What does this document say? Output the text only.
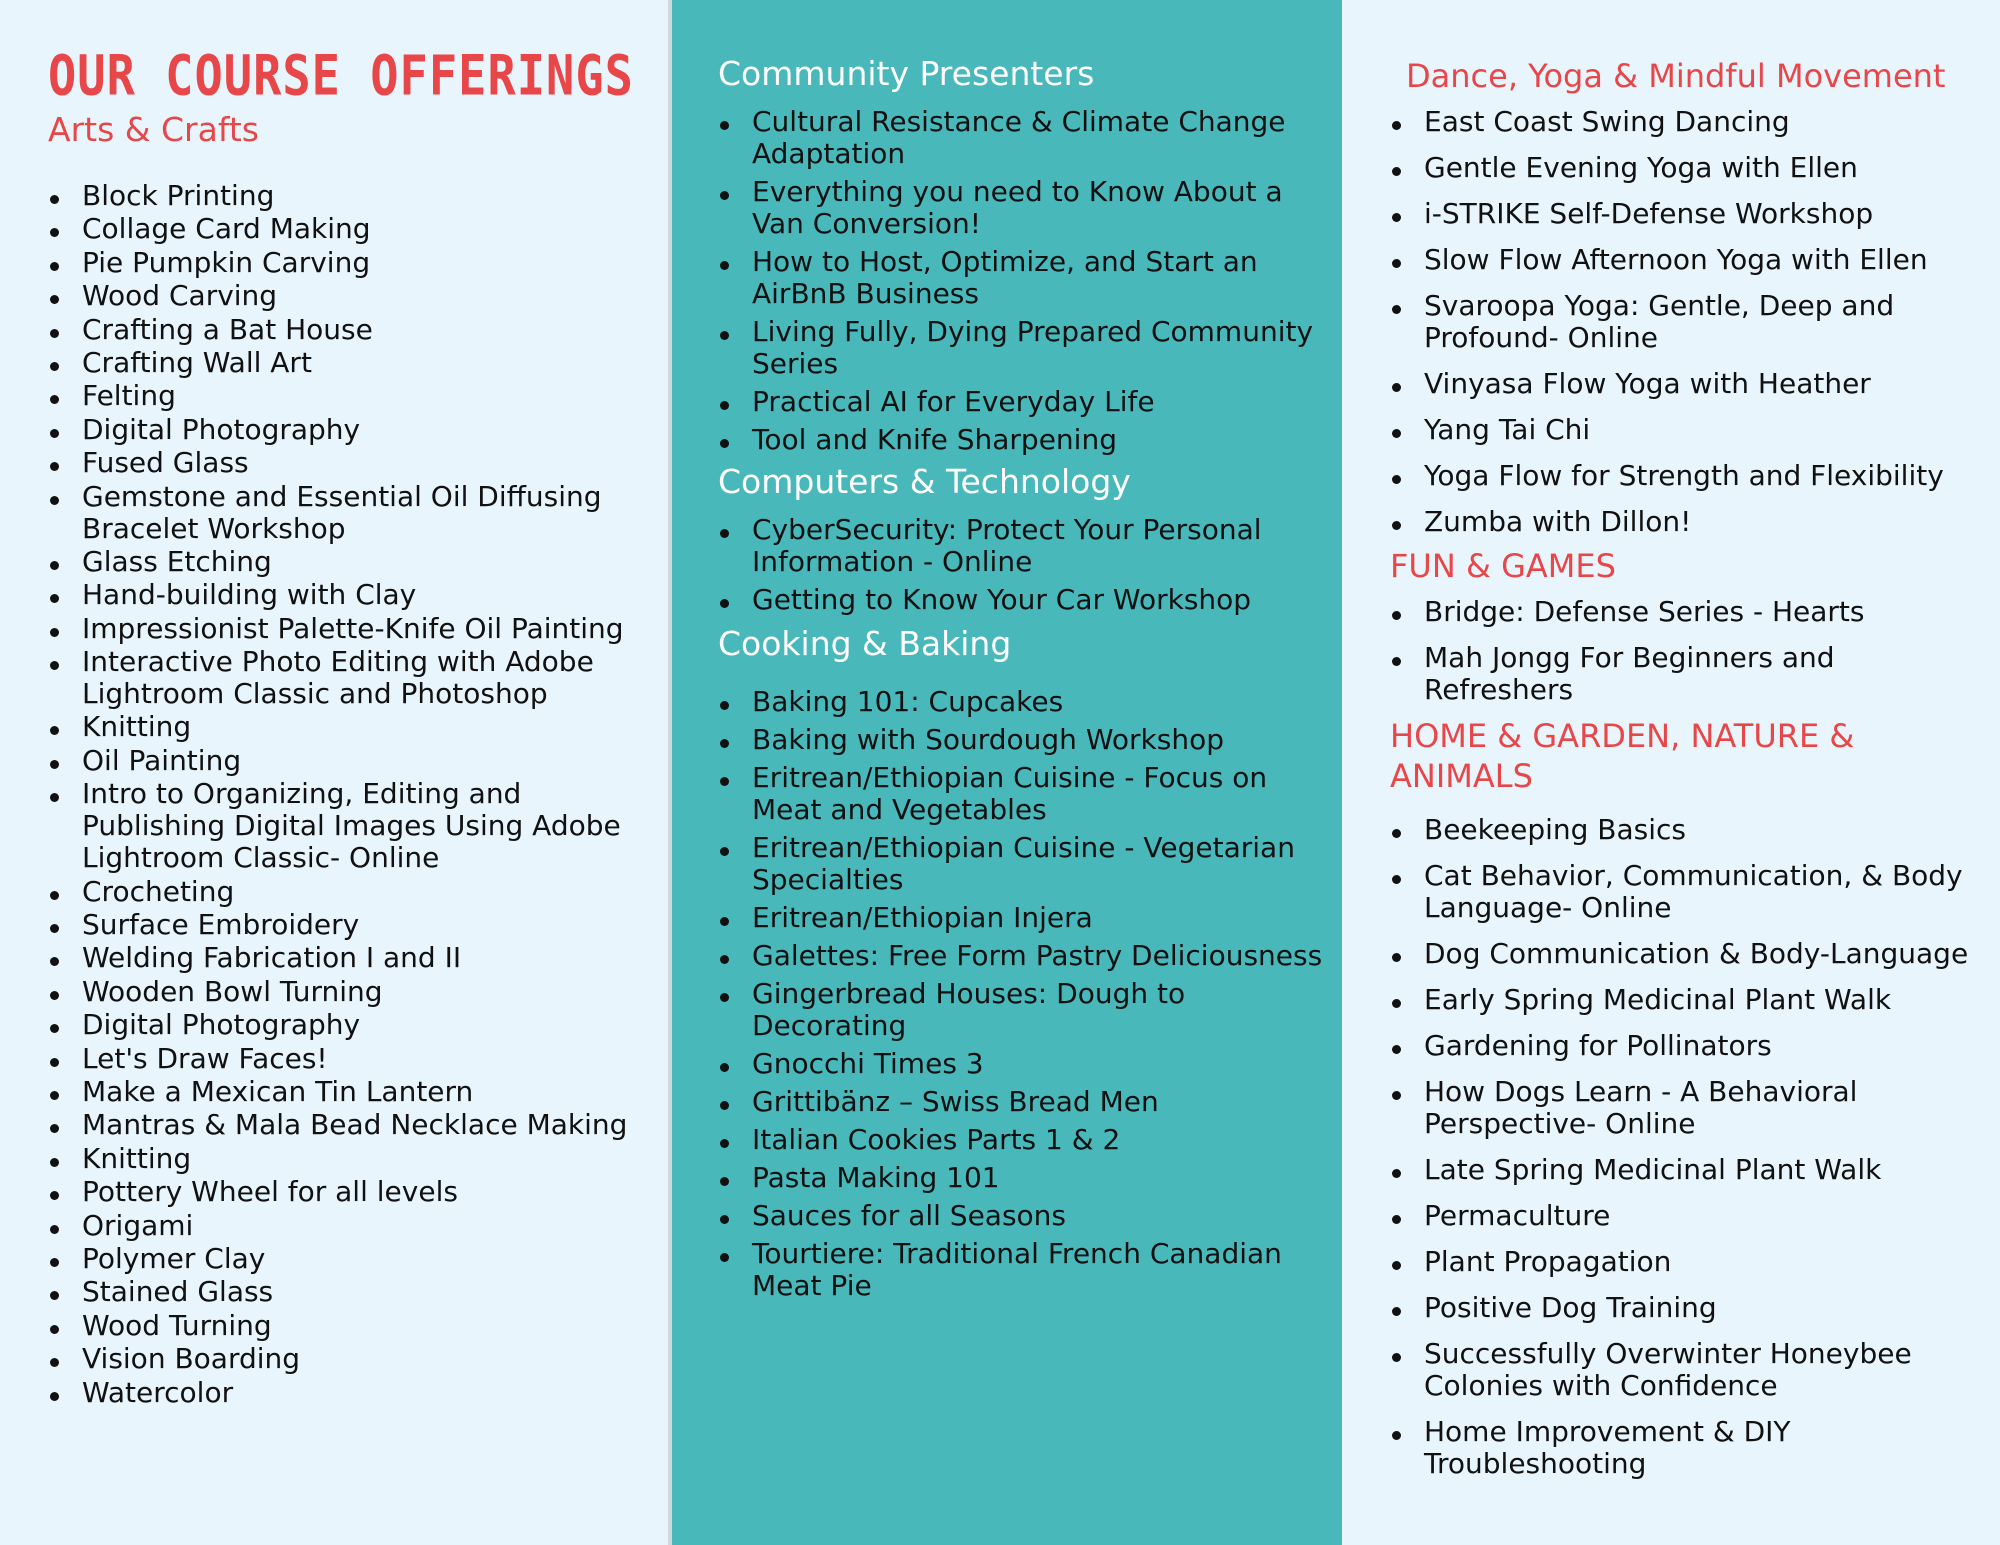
OUR COURSE OFFERINGS
Arts & Crafts
Block Printing
Collage Card Making
Pie Pumpkin Carving
Wood Carving
Crafting a Bat House
Crafting Wall Art
Felting
Digital Photography
Fused Glass
Gemstone and Essential Oil Diffusing Bracelet Workshop
Glass Etching
Hand-building with Clay
Impressionist Palette-Knife Oil Painting
Interactive Photo Editing with Adobe Lightroom Classic and Photoshop
Knitting
Oil Painting
Intro to Organizing, Editing and Publishing Digital Images Using Adobe Lightroom Classic- Online
Crocheting
Surface Embroidery
Welding Fabrication I and II
Wooden Bowl Turning
Digital Photography
Let's Draw Faces!
Make a Mexican Tin Lantern
Mantras & Mala Bead Necklace Making
Knitting
Pottery Wheel for all levels
Origami
Polymer Clay
Stained Glass
Wood Turning
Vision Boarding
Watercolor
Community Presenters
Cultural Resistance & Climate Change Adaptation
Everything you need to Know About a Van Conversion!
How to Host, Optimize, and Start an AirBnB Business
Living Fully, Dying Prepared Community Series
Practical AI for Everyday Life
Tool and Knife Sharpening
Computers & Technology
CyberSecurity: Protect Your Personal Information - Online
Getting to Know Your Car Workshop
Cooking & Baking
Baking 101: Cupcakes
Baking with Sourdough Workshop
Eritrean/Ethiopian Cuisine - Focus on Meat and Vegetables
Eritrean/Ethiopian Cuisine - Vegetarian Specialties
Eritrean/Ethiopian Injera
Galettes: Free Form Pastry Deliciousness
Gingerbread Houses: Dough to Decorating
Gnocchi Times 3
Grittibänz – Swiss Bread Men
Italian Cookies Parts 1 & 2
Pasta Making 101
Sauces for all Seasons
Tourtiere: Traditional French Canadian Meat Pie
Dance, Yoga & Mindful Movement
East Coast Swing Dancing
Gentle Evening Yoga with Ellen
i-STRIKE Self-Defense Workshop
Slow Flow Afternoon Yoga with Ellen
Svaroopa Yoga: Gentle, Deep and Profound- Online
Vinyasa Flow Yoga with Heather
Yang Tai Chi
Yoga Flow for Strength and Flexibility
Zumba with Dillon!
FUN & GAMES
Bridge: Defense Series - Hearts
Mah Jongg For Beginners and Refreshers
HOME & GARDEN, NATURE & ANIMALS
Beekeeping Basics
Cat Behavior, Communication, & Body Language- Online
Dog Communication & Body-Language
Early Spring Medicinal Plant Walk
Gardening for Pollinators
How Dogs Learn - A Behavioral Perspective- Online
Late Spring Medicinal Plant Walk
Permaculture
Plant Propagation
Positive Dog Training
Successfully Overwinter Honeybee Colonies with Confidence
Home Improvement & DIY Troubleshooting
